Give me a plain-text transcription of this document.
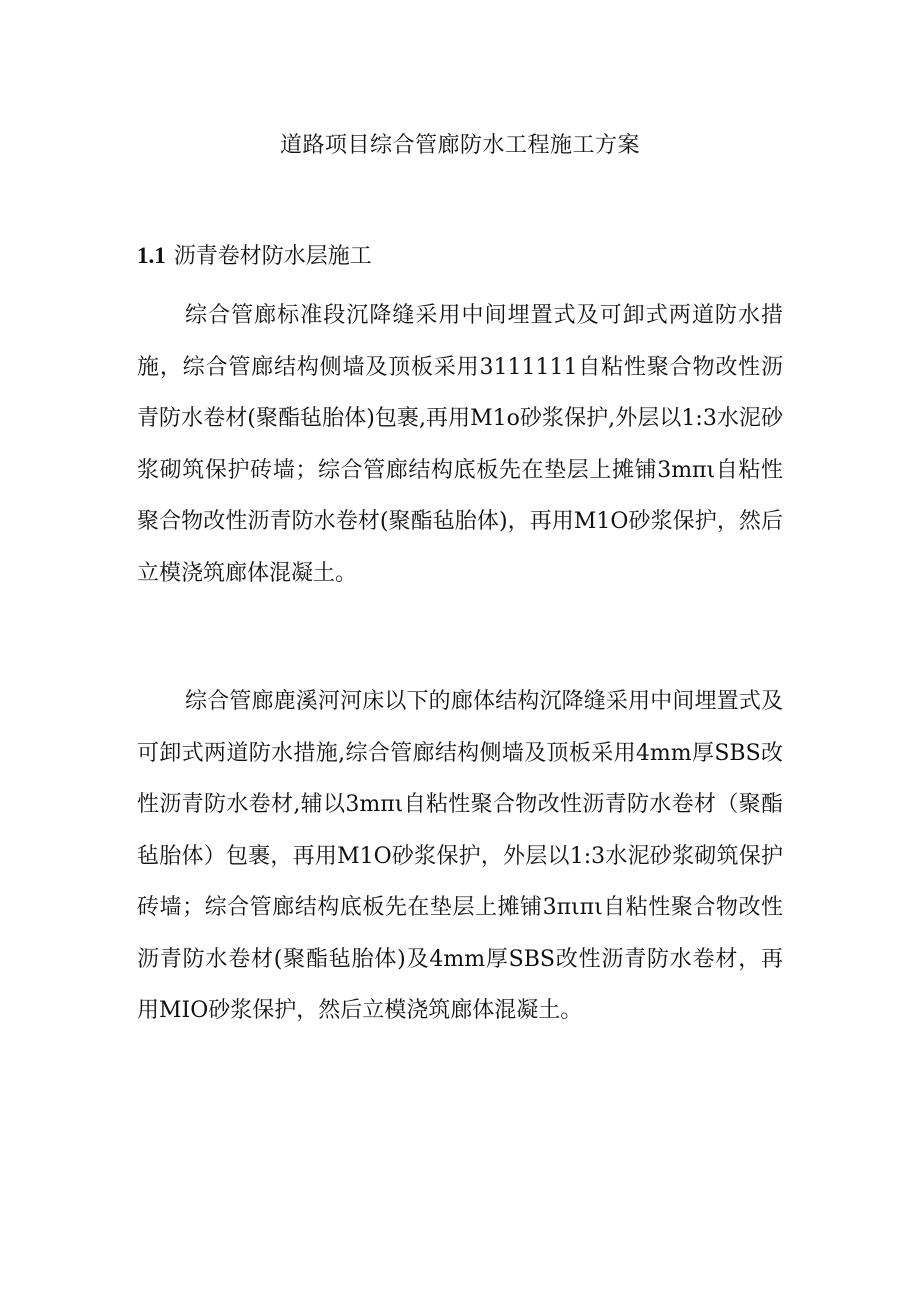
道路项目综合管廊防水工程施工方案
1.1 沥青卷材防水层施工

综合管廊标准段沉降缝采用中间埋置式及可卸式两道防水措施，综合管廊结构侧墙及顶板采用3111111自粘性聚合物改性沥青防水卷材(聚酯毡胎体)包裹,再用M1o砂浆保护,外层以1:3水泥砂浆砌筑保护砖墙；综合管廊结构底板先在垫层上摊铺3mπι自粘性聚合物改性沥青防水卷材(聚酯毡胎体)，再用M1O砂浆保护，然后立模浇筑廊体混凝土。

综合管廊鹿溪河河床以下的廊体结构沉降缝采用中间埋置式及可卸式两道防水措施,综合管廊结构侧墙及顶板采用4mm厚SBS改性沥青防水卷材,辅以3mπι自粘性聚合物改性沥青防水卷材（聚酯毡胎体）包裹，再用M1O砂浆保护，外层以1:3水泥砂浆砌筑保护砖墙；综合管廊结构底板先在垫层上摊铺3πιπι自粘性聚合物改性沥青防水卷材(聚酯毡胎体)及4mm厚SBS改性沥青防水卷材，再用MIO砂浆保护，然后立模浇筑廊体混凝土。
